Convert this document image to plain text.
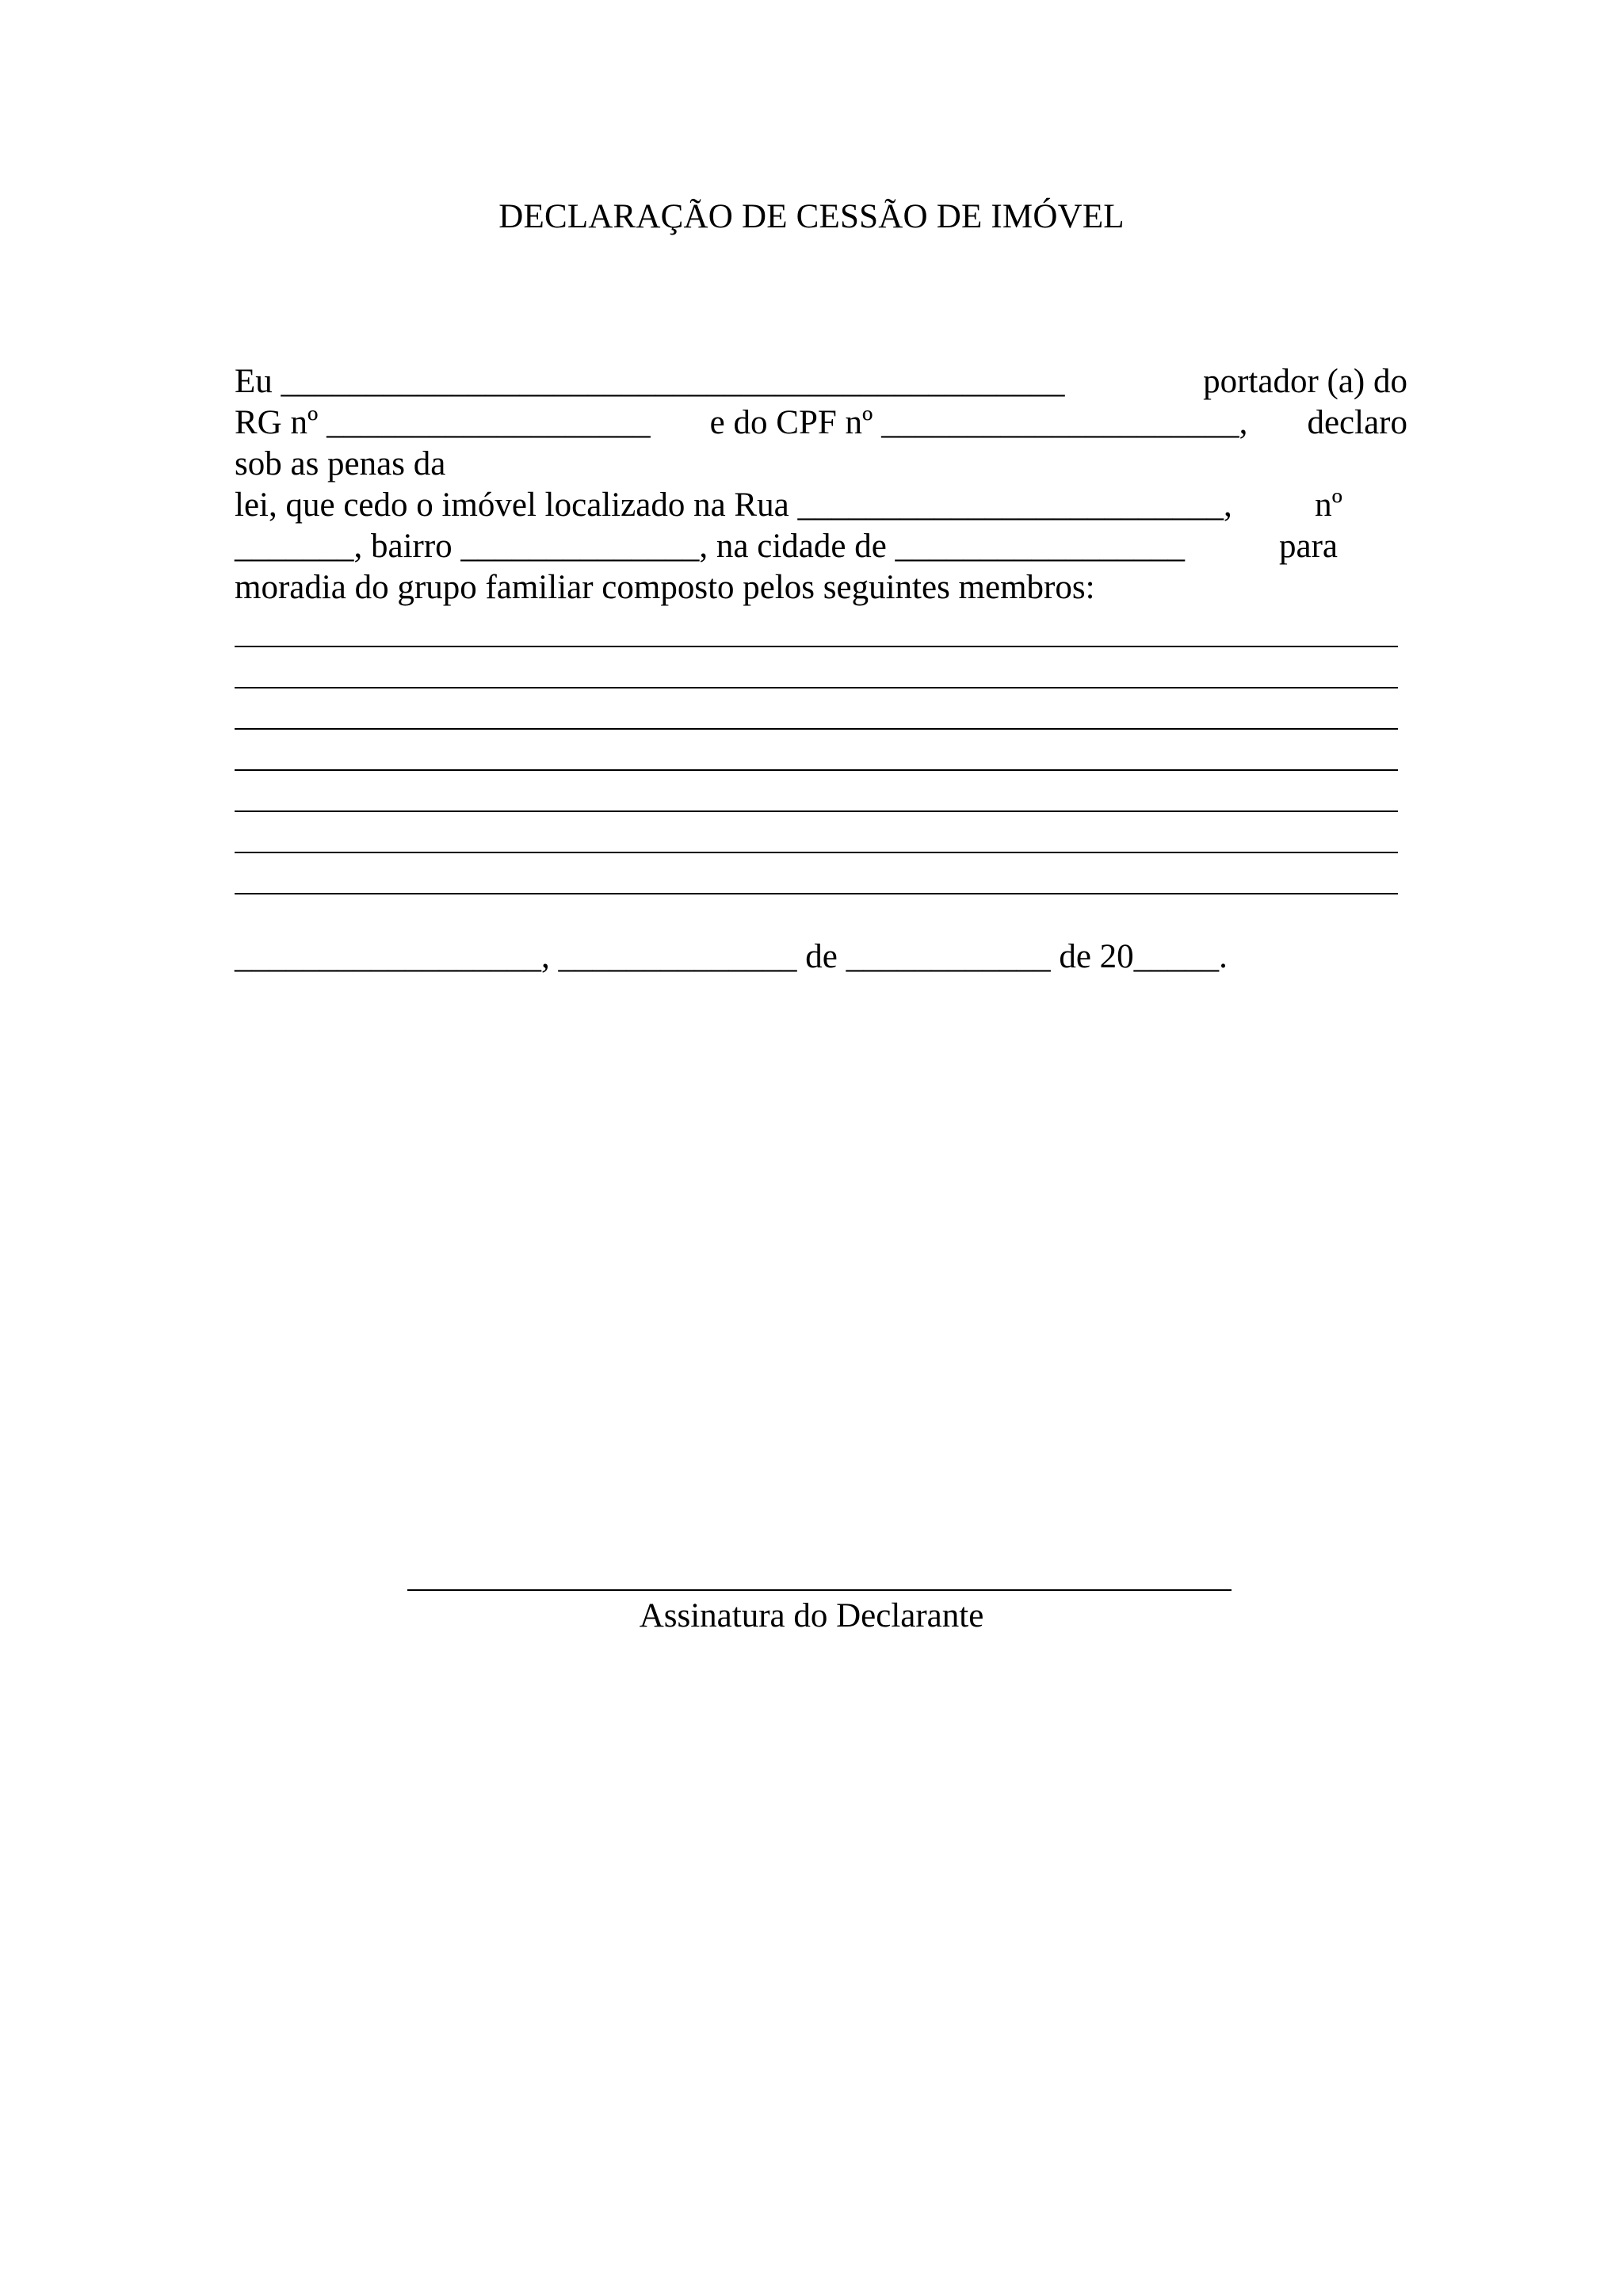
DECLARAÇÃO DE CESSÃO DE IMÓVEL
Eu ______________________________________________	portador (a) do
RG nº ___________________ e do CPF nº _____________________, declaro
sob as penas da
lei, que cedo o imóvel localizado na Rua _________________________, nº
_______, bairro ______________, na cidade de _________________	para
moradia do grupo familiar composto pelos seguintes membros:
__________________, ______________ de ____________ de 20_____.
Assinatura do Declarante
